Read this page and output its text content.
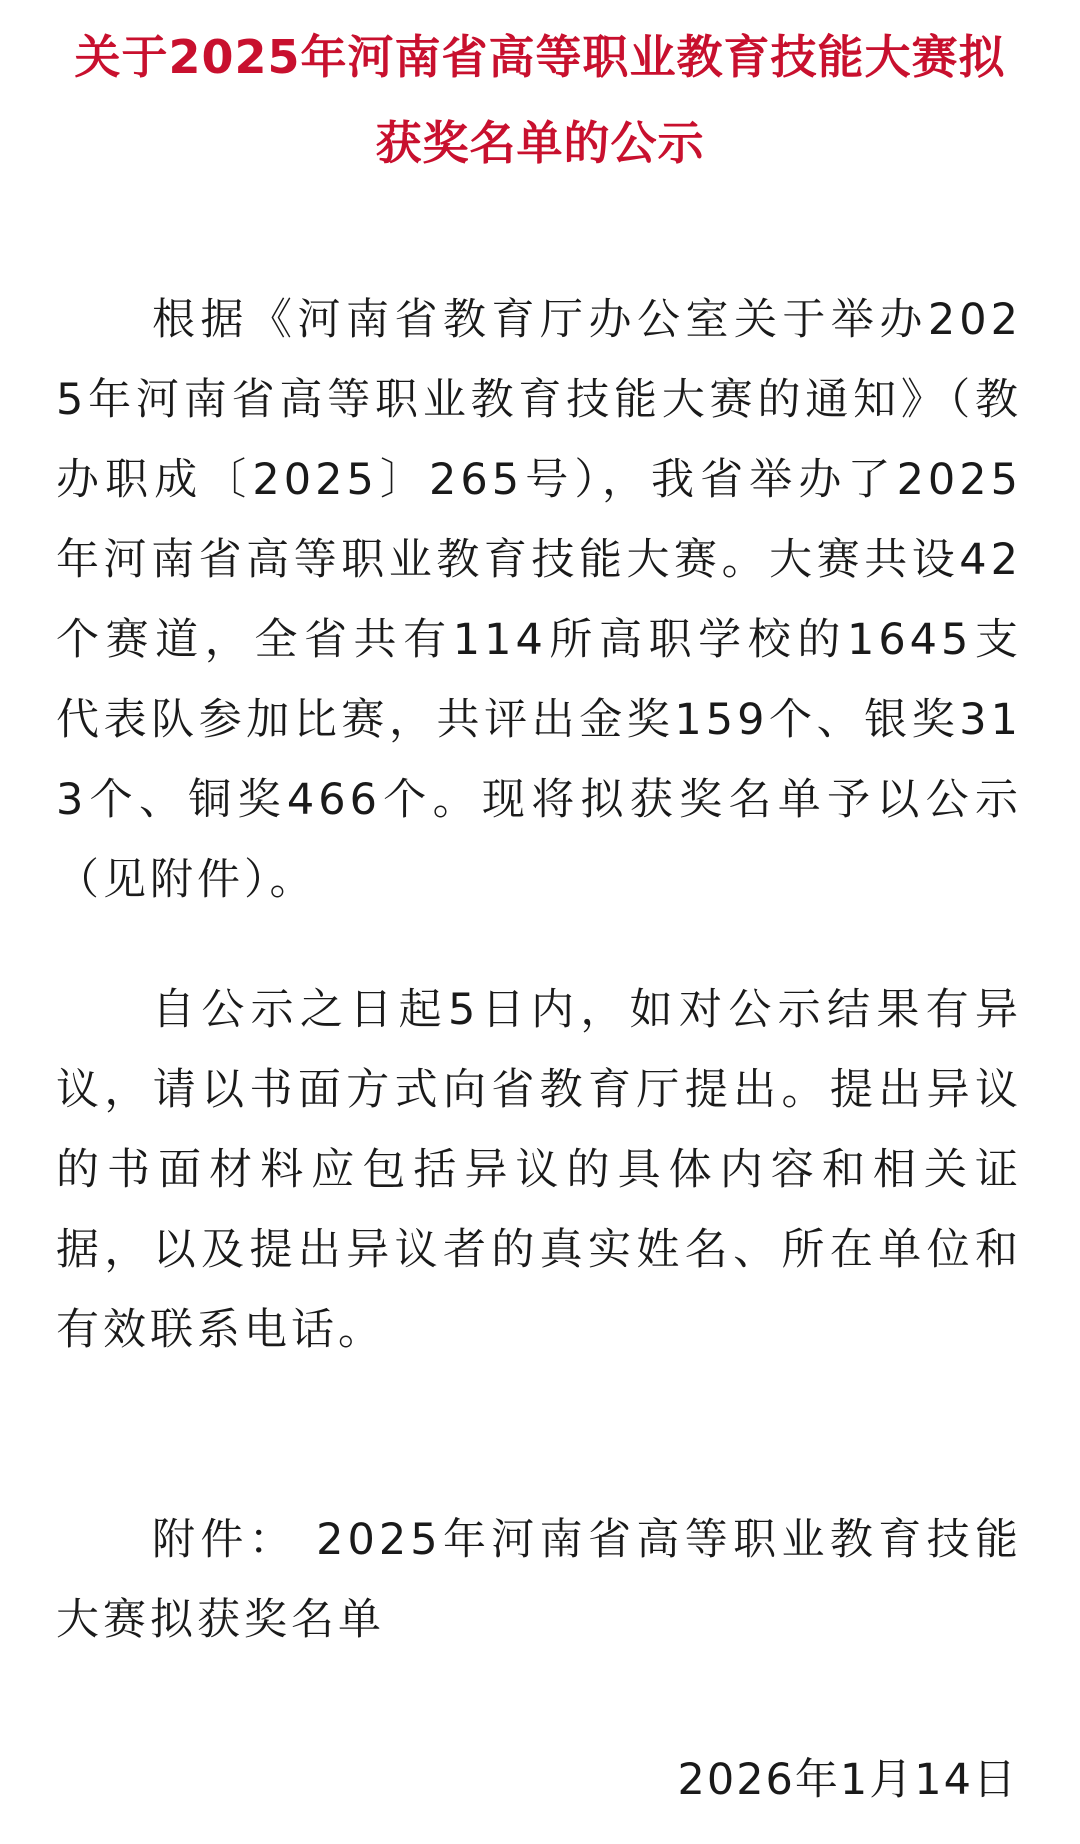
关于2025年河南省高等职业教育技能大赛拟
获奖名单的公示

根据《河南省教育厅办公室关于举办2025年河南省高等职业教育技能大赛的通知》（教办职成〔2025〕265号），我省举办了2025年河南省高等职业教育技能大赛。大赛共设42个赛道，全省共有114所高职学校的1645支代表队参加比赛，共评出金奖159个、银奖313个、铜奖466个。现将拟获奖名单予以公示（见附件）。

自公示之日起5日内，如对公示结果有异议，请以书面方式向省教育厅提出。提出异议的书面材料应包括异议的具体内容和相关证据，以及提出异议者的真实姓名、所在单位和有效联系电话。

附件： 2025年河南省高等职业教育技能大赛拟获奖名单

2026年1月14日
